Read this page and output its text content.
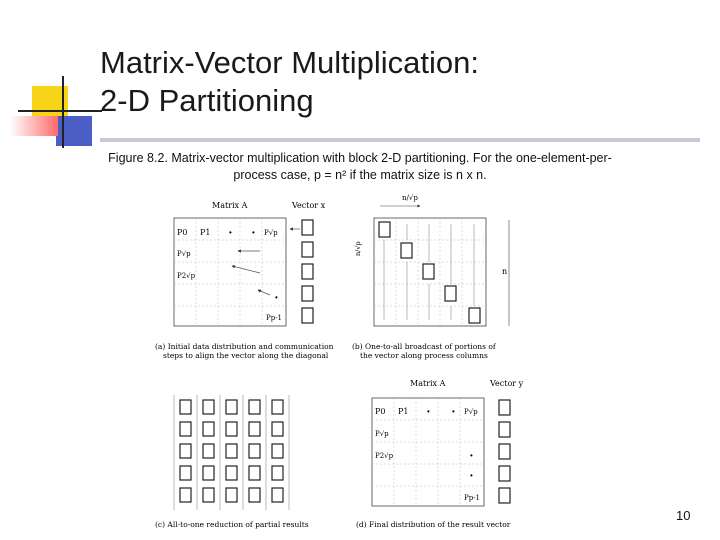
Matrix-Vector Multiplication:
2-D Partitioning
Figure 8.2. Matrix-vector multiplication with block 2-D partitioning. For the one-element-per-
process case, p = n² if the matrix size is n x n.
Matrix A	Vector x
P0 P1 •	• P√p
P√p
P2√p
Pp-1
•
(a) Initial data distribution and communication
steps to align the vector along the diagonal
n/√p
n/√p
n
(b) One-to-all broadcast of portions of
the vector along process columns
(c) All-to-one reduction of partial results
Matrix A	Vector y
P0 P1 •	• P√p
P√p
P2√p	•
•
Pp-1
(d) Final distribution of the result vector
10
